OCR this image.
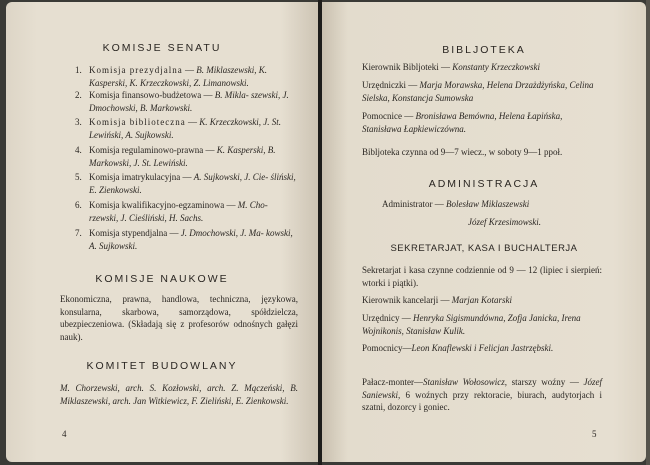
KOMISJE SENATU
1. Komisja prezydjalna — B. Miklaszewski, K. Kasperski, K. Krzeczkowski, Z. Limanowski.
2. Komisja finansowo-budżetowa — B. Mikla- szewski, J. Dmochowski, B. Markowski.
3. Komisja biblioteczna — K. Krzeczkowski, J. St. Lewiński, A. Sujkowski.
4. Komisja regulaminowo-prawna — K. Kasperski, B. Markowski, J. St. Lewiński.
5. Komisja imatrykulacyjna — A. Sujkowski, J. Cie- śliński, E. Zienkowski.
6. Komisja kwalifikacyjno-egzaminowa — M. Cho- rzewski, J. Cieśliński, H. Sachs.
7. Komisja stypendjalna — J. Dmochowski, J. Ma- kowski, A. Sujkowski.
KOMISJE NAUKOWE
Ekonomiczna, prawna, handlowa, techniczna, językowa, konsularna, skarbowa, samorządowa, spółdzielcza, ubezpieczeniowa. (Składają się z profesorów odnośnych gałęzi nauk).
KOMITET BUDOWLANY
M. Chorzewski, arch. S. Kozłowski, arch. Z. Mączeński, B. Miklaszewski, arch. Jan Witkiewicz, F. Zieliński, E. Zienkowski.
4
BIBLJOTEKA
Kierownik Bibljoteki — Konstanty Krzeczkowski
Urzędniczki — Marja Morawska, Helena Drzażdżyńska, Celina Sielska, Konstancja Sumowska
Pomocnice — Bronisława Bemówna, Helena Łapińska, Stanisława Łapkiewiczówna.
Bibljoteka czynna od 9—7 wiecz., w soboty 9—1 ppoł.
ADMINISTRACJA
Administrator — Bolesław Miklaszewski
Józef Krzesimowski.
SEKRETARJAT, KASA I BUCHALTERJA
Sekretarjat i kasa czynne codziennie od 9 — 12 (lipiec i sierpień: wtorki i piątki).
Kierownik kancelarji — Marjan Kotarski
Urzędnicy — Henryka Sigismundówna, Zofja Janicka, Irena Wojnikonis, Stanisław Kulik.
Pomocnicy—Leon Knaflewski i Felicjan Jastrzębski.
Pałacz-monter—Stanisław Wołosowicz, starszy woźny — Józef Saniewski, 6 woźnych przy rektoracie, biurach, audytorjach i szatni, dozorcy i goniec.
5
